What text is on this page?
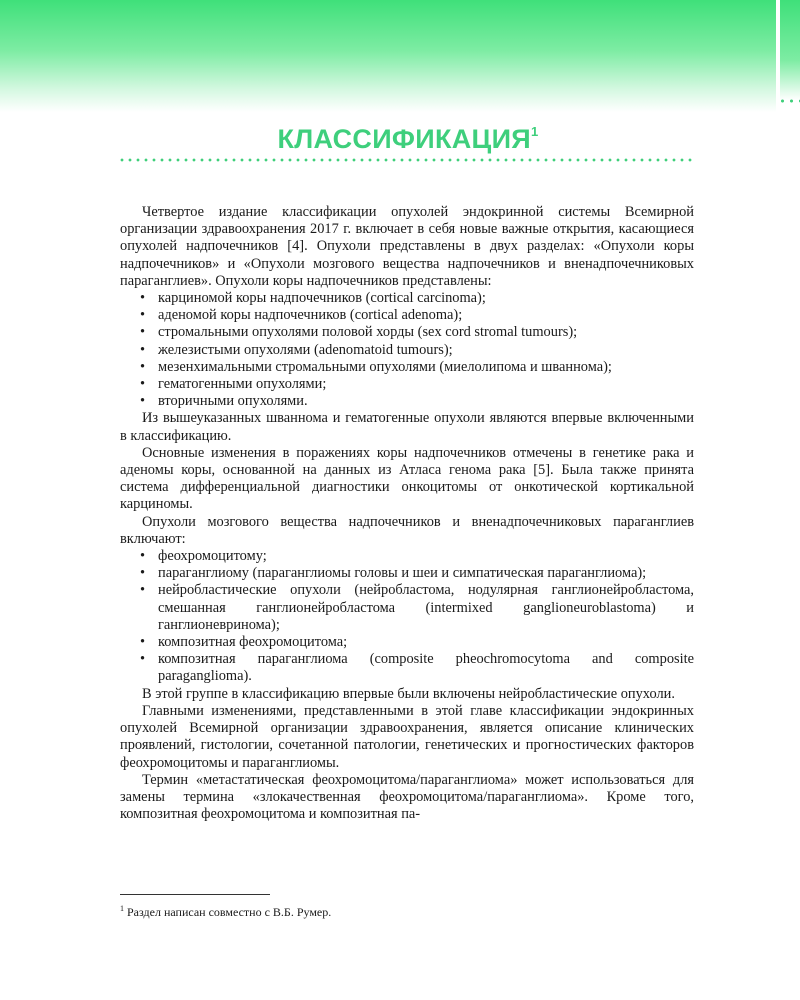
КЛАССИФИКАЦИЯ$^1$

Четвертое издание классификации опухолей эндокринной системы Всемирной организации здравоохранения 2017 г. включает в себя новые важные открытия, касающиеся опухолей надпочечников [4]. Опухоли представлены в двух разделах: «Опухоли коры надпочечников» и «Опухоли мозгового вещества надпочечников и вненадпочечниковых параганглиев». Опухоли коры надпочечников представлены:

• карциномой коры надпочечников (cortical carcinoma);
• аденомой коры надпочечников (cortical adenoma);
• стромальными опухолями половой хорды (sex cord stromal tumours);
• железистыми опухолями (adenomatoid tumours);
• мезенхимальными стромальными опухолями (миелолипома и шваннома);
• гематогенными опухолями;
• вторичными опухолями.

Из вышеуказанных шваннома и гематогенные опухоли являются впервые включенными в классификацию.

Основные изменения в поражениях коры надпочечников отмечены в генетике рака и аденомы коры, основанной на данных из Атласа генома рака [5]. Была также принята система дифференциальной диагностики онкоцитомы от онкотической кортикальной карциномы.

Опухоли мозгового вещества надпочечников и вненадпочечниковых параганглиев включают:

• феохромоцитому;
• параганглиому (параганглиомы головы и шеи и симпатическая параганглиома);
• нейробластические опухоли (нейробластома, нодулярная ганглионейробластома, смешанная ганглионейробластома (intermixed ganglioneuroblastoma) и ганглионевринома);
• композитная феохромоцитома;
• композитная параганглиома (composite pheochromocytoma and composite paraganglioma).

В этой группе в классификацию впервые были включены нейробластические опухоли.

Главными изменениями, представленными в этой главе классификации эндокринных опухолей Всемирной организации здравоохранения, является описание клинических проявлений, гистологии, сочетанной патологии, генетических и прогностических факторов феохромоцитомы и параганглиомы.

Термин «метастатическая феохромоцитома/параганглиома» может использоваться для замены термина «злокачественная феохромоцитома/параганглиома». Кроме того, композитная феохромоцитома и композитная па-

$^1$ Раздел написан совместно с В.Б. Румер.
